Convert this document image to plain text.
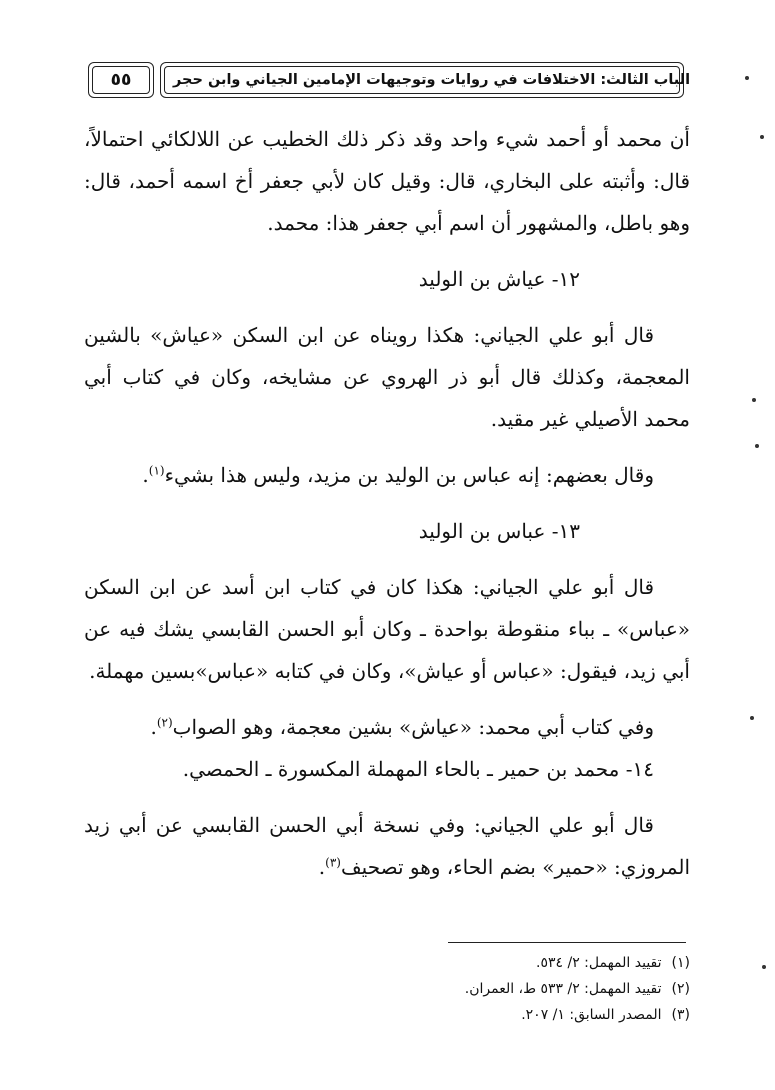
٥٥	الباب الثالث: الاختلافات في روايات وتوجيهات الإمامين الجياني وابن حجر

أن محمد أو أحمد شيء واحد وقد ذكر ذلك الخطيب عن اللالكائي احتمالاً، قال: وأثبته على البخاري، قال: وقيل كان لأبي جعفر أخ اسمه أحمد، قال: وهو باطل، والمشهور أن اسم أبي جعفر هذا: محمد.

١٢- عياش بن الوليد

قال أبو علي الجياني: هكذا رويناه عن ابن السكن «عياش» بالشين المعجمة، وكذلك قال أبو ذر الهروي عن مشايخه، وكان في كتاب أبي محمد الأصيلي غير مقيد.

وقال بعضهم: إنه عباس بن الوليد بن مزيد، وليس هذا بشيء$^{(١)}$.

١٣- عباس بن الوليد

قال أبو علي الجياني: هكذا كان في كتاب ابن أسد عن ابن السكن «عباس» ـ بباء منقوطة بواحدة ـ وكان أبو الحسن القابسي يشك فيه عن أبي زيد، فيقول: «عباس أو عياش»، وكان في كتابه «عباس»بسين مهملة.

وفي كتاب أبي محمد: «عياش» بشين معجمة، وهو الصواب$^{(٢)}$.

١٤- محمد بن حمير ـ بالحاء المهملة المكسورة ـ الحمصي.

قال أبو علي الجياني: وفي نسخة أبي الحسن القابسي عن أبي زيد المروزي: «حمير» بضم الحاء، وهو تصحيف$^{(٣)}$.

(١)تقييد المهمل: ٢/ ٥٣٤.

(٢)تقييد المهمل: ٢/ ٥٣٣ ط، العمران.

(٣)المصدر السابق: ١/ ٢٠٧.
